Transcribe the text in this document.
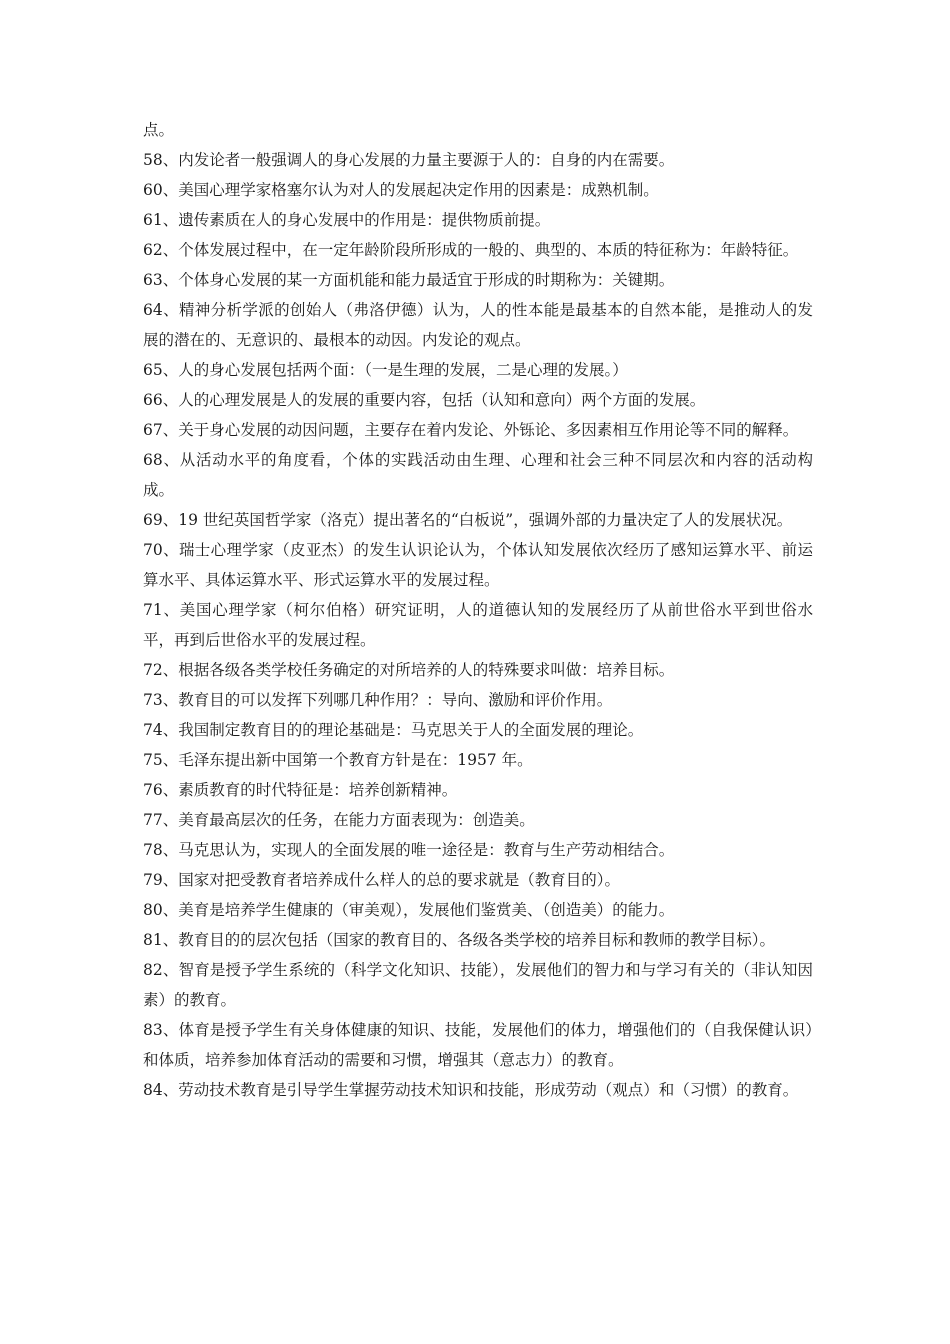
点。

58、内发论者一般强调人的身心发展的力量主要源于人的：自身的内在需要。

60、美国心理学家格塞尔认为对人的发展起决定作用的因素是：成熟机制。

61、遗传素质在人的身心发展中的作用是：提供物质前提。

62、个体发展过程中，在一定年龄阶段所形成的一般的、典型的、本质的特征称为：年龄特征。

63、个体身心发展的某一方面机能和能力最适宜于形成的时期称为：关键期。

64、精神分析学派的创始人（弗洛伊德）认为，人的性本能是最基本的自然本能，是推动人的发展的潜在的、无意识的、最根本的动因。内发论的观点。

65、人的身心发展包括两个面：（一是生理的发展，二是心理的发展。）

66、人的心理发展是人的发展的重要内容，包括（认知和意向）两个方面的发展。

67、关于身心发展的动因问题，主要存在着内发论、外铄论、多因素相互作用论等不同的解释。

68、从活动水平的角度看，个体的实践活动由生理、心理和社会三种不同层次和内容的活动构成。

69、19 世纪英国哲学家（洛克）提出著名的“白板说”，强调外部的力量决定了人的发展状况。

70、瑞士心理学家（皮亚杰）的发生认识论认为，个体认知发展依次经历了感知运算水平、前运算水平、具体运算水平、形式运算水平的发展过程。

71、美国心理学家（柯尔伯格）研究证明，人的道德认知的发展经历了从前世俗水平到世俗水平，再到后世俗水平的发展过程。

72、根据各级各类学校任务确定的对所培养的人的特殊要求叫做：培养目标。

73、教育目的可以发挥下列哪几种作用？：导向、激励和评价作用。

74、我国制定教育目的的理论基础是：马克思关于人的全面发展的理论。

75、毛泽东提出新中国第一个教育方针是在：1957 年。

76、素质教育的时代特征是：培养创新精神。

77、美育最高层次的任务，在能力方面表现为：创造美。

78、马克思认为，实现人的全面发展的唯一途径是：教育与生产劳动相结合。

79、国家对把受教育者培养成什么样人的总的要求就是（教育目的）。

80、美育是培养学生健康的（审美观），发展他们鉴赏美、（创造美）的能力。

81、教育目的的层次包括（国家的教育目的、各级各类学校的培养目标和教师的教学目标）。

82、智育是授予学生系统的（科学文化知识、技能），发展他们的智力和与学习有关的（非认知因素）的教育。

83、体育是授予学生有关身体健康的知识、技能，发展他们的体力，增强他们的（自我保健认识）和体质，培养参加体育活动的需要和习惯，增强其（意志力）的教育。

84、劳动技术教育是引导学生掌握劳动技术知识和技能，形成劳动（观点）和（习惯）的教育。
